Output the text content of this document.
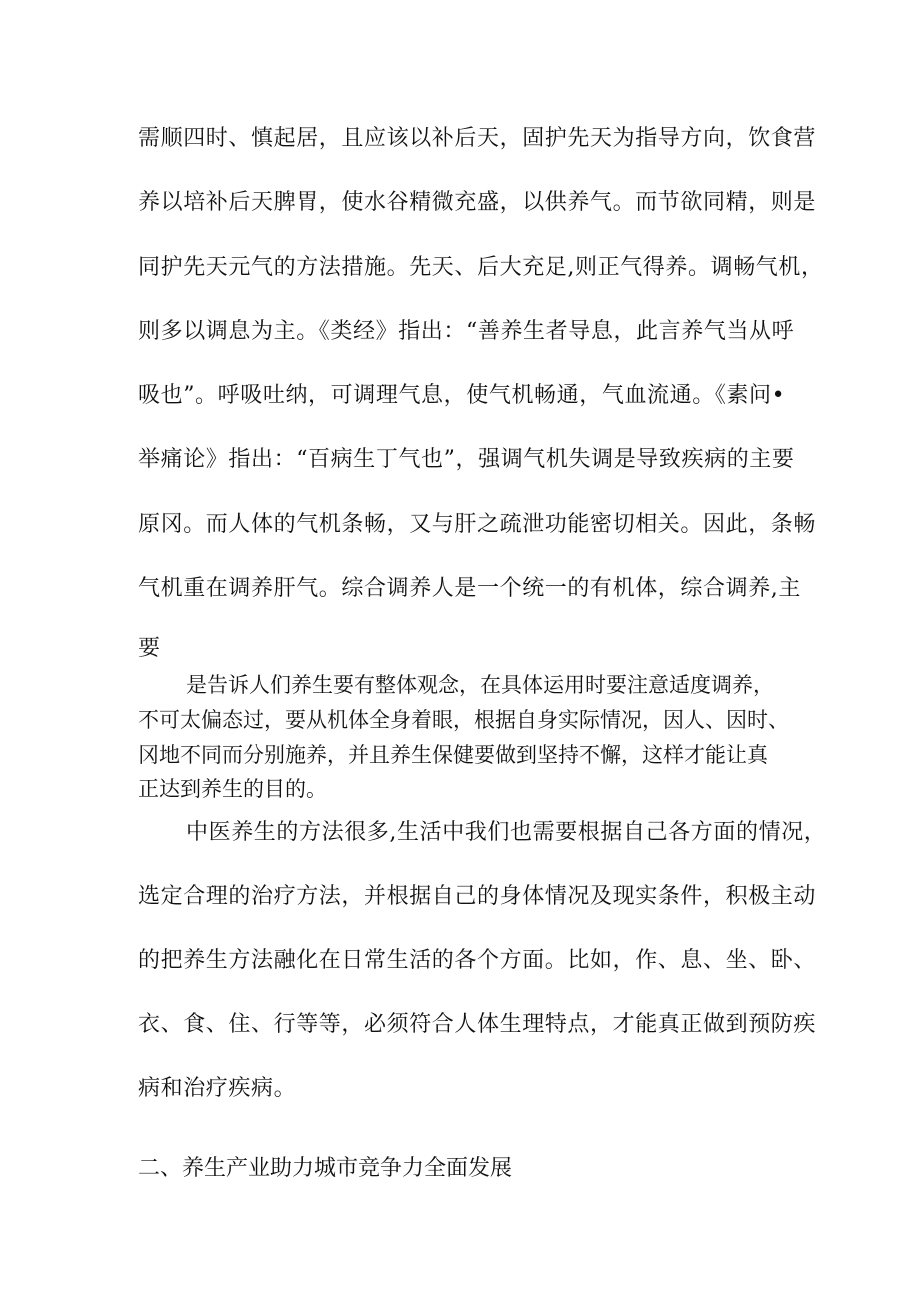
需顺四时、慎起居，且应该以补后天，固护先天为指导方向，饮食营

养以培补后天脾胃，使水谷精微充盛，以供养气。而节欲同精，则是

同护先天元气的方法措施。先天、后大充足,则正气得养。调畅气机，

则多以调息为主。《类经》指出：“善养生者导息，此言养气当从呼

吸也”。呼吸吐纳，可调理气息，使气机畅通，气血流通。《素问•

举痛论》指出：“百病生丁气也”，强调气机失调是导致疾病的主要

原冈。而人体的气机条畅，又与肝之疏泄功能密切相关。因此，条畅

气机重在调养肝气。综合调养人是一个统一的有机体，综合调养,主

要

是告诉人们养生要有整体观念，在具体运用时要注意适度调养，

不可太偏态过，要从机体全身着眼，根据自身实际情况，因人、因时、

冈地不同而分别施养，并且养生保健要做到坚持不懈，这样才能让真

正达到养生的目的。

中医养生的方法很多,生活中我们也需要根据自己各方面的情况，

选定合理的治疗方法，并根据自己的身体情况及现实条件，积极主动

的把养生方法融化在日常生活的各个方面。比如，作、息、坐、卧、

衣、食、住、行等等，必须符合人体生理特点，才能真正做到预防疾

病和治疗疾病。

二、养生产业助力城市竞争力全面发展
